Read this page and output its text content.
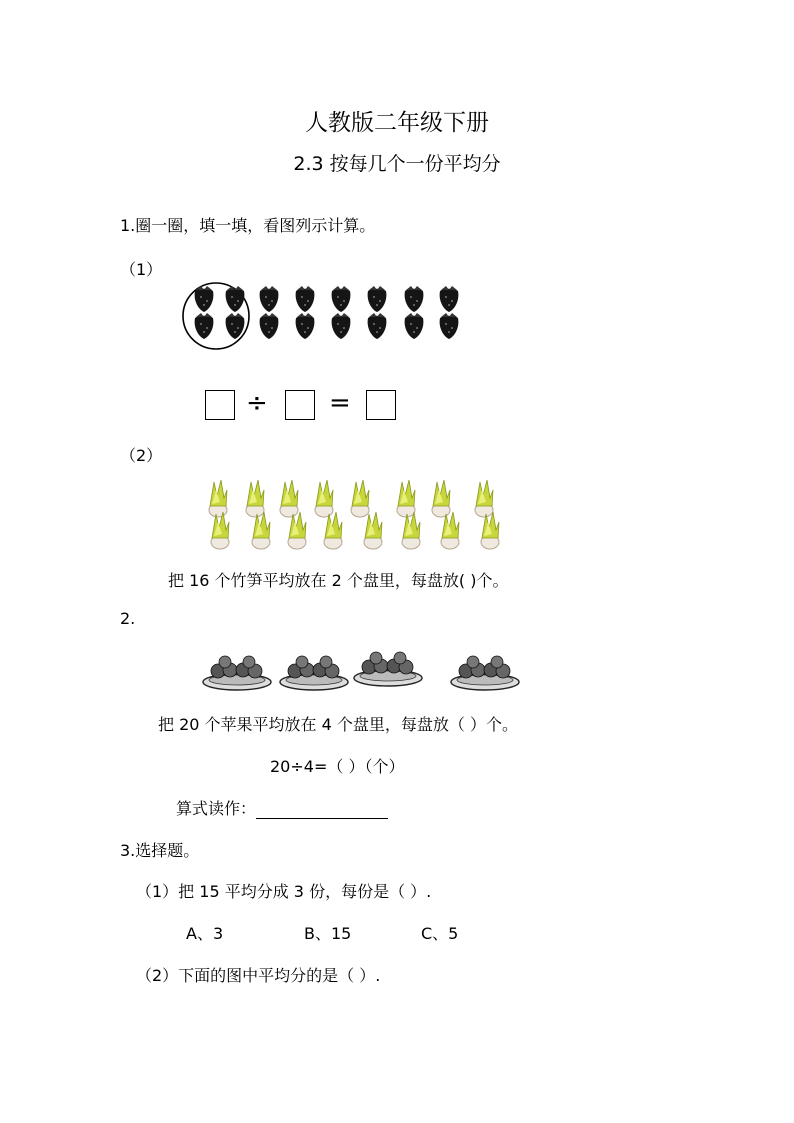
人教版二年级下册
2.3 按每几个一份平均分
1.圈一圈，填一填，看图列示计算。
（1）
÷ =
（2）
把 16 个竹笋平均放在 2 个盘里，每盘放( )个。
2.
把 20 个苹果平均放在 4 个盘里，每盘放（ ）个。
20÷4=（ ）（个）
算式读作：
3.选择题。
（1）把 15 平均分成 3 份，每份是（ ）.
A、3	B、15	C、5
（2）下面的图中平均分的是（ ）.
